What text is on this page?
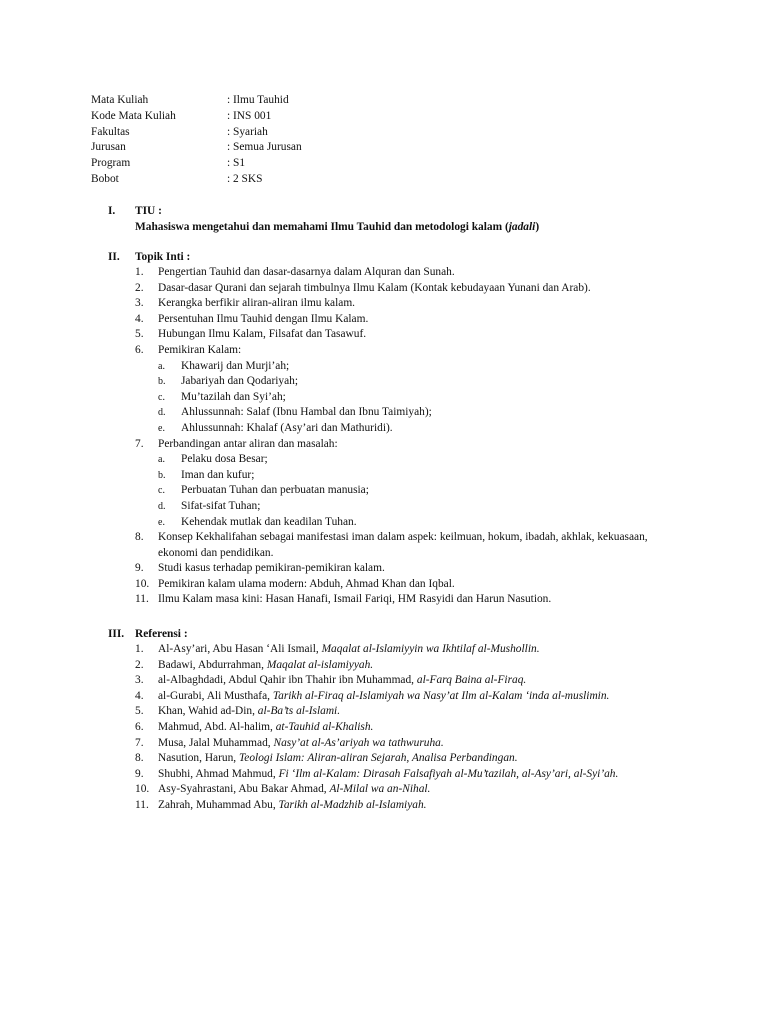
Mata Kuliah	: Ilmu Tauhid
Kode Mata Kuliah	: INS 001
Fakultas	: Syariah
Jurusan	: Semua Jurusan
Program	: S1
Bobot	: 2 SKS
I. TIU :
Mahasiswa mengetahui dan memahami Ilmu Tauhid dan metodologi kalam (jadali)
II. Topik Inti :
1. Pengertian Tauhid dan dasar-dasarnya dalam Alquran dan Sunah.
2. Dasar-dasar Qurani dan sejarah timbulnya Ilmu Kalam (Kontak kebudayaan Yunani dan Arab).
3. Kerangka berfikir aliran-aliran ilmu kalam.
4. Persentuhan Ilmu Tauhid dengan Ilmu Kalam.
5. Hubungan Ilmu Kalam, Filsafat dan Tasawuf.
6. Pemikiran Kalam:
a. Khawarij dan Murji’ah;
b. Jabariyah dan Qodariyah;
c. Mu’tazilah dan Syi’ah;
d. Ahlussunnah: Salaf (Ibnu Hambal dan Ibnu Taimiyah);
e. Ahlussunnah: Khalaf (Asy’ari dan Mathuridi).
7. Perbandingan antar aliran dan masalah:
a. Pelaku dosa Besar;
b. Iman dan kufur;
c. Perbuatan Tuhan dan perbuatan manusia;
d. Sifat-sifat Tuhan;
e. Kehendak mutlak dan keadilan Tuhan.
8. Konsep Kekhalifahan sebagai manifestasi iman dalam aspek: keilmuan, hokum, ibadah, akhlak, kekuasaan, ekonomi dan pendidikan.
9. Studi kasus terhadap pemikiran-pemikiran kalam.
10. Pemikiran kalam ulama modern: Abduh, Ahmad Khan dan Iqbal.
11. Ilmu Kalam masa kini: Hasan Hanafi, Ismail Fariqi, HM Rasyidi dan Harun Nasution.
III. Referensi :
1. Al-Asy’ari, Abu Hasan ‘Ali Ismail, Maqalat al-Islamiyyin wa Ikhtilaf al-Mushollin.
2. Badawi, Abdurrahman, Maqalat al-islamiyyah.
3. al-Albaghdadi, Abdul Qahir ibn Thahir ibn Muhammad, al-Farq Baina al-Firaq.
4. al-Gurabi, Ali Musthafa, Tarikh al-Firaq al-Islamiyah wa Nasy’at Ilm al-Kalam ‘inda al-muslimin.
5. Khan, Wahid ad-Din, al-Ba’ts al-Islami.
6. Mahmud, Abd. Al-halim, at-Tauhid al-Khalish.
7. Musa, Jalal Muhammad, Nasy’at al-As’ariyah wa tathwuruha.
8. Nasution, Harun, Teologi Islam: Aliran-aliran Sejarah, Analisa Perbandingan.
9. Shubhi, Ahmad Mahmud, Fi ‘Ilm al-Kalam: Dirasah Falsafiyah al-Mu’tazilah, al-Asy’ari, al-Syi’ah.
10. Asy-Syahrastani, Abu Bakar Ahmad, Al-Milal wa an-Nihal.
11. Zahrah, Muhammad Abu, Tarikh al-Madzhib al-Islamiyah.
